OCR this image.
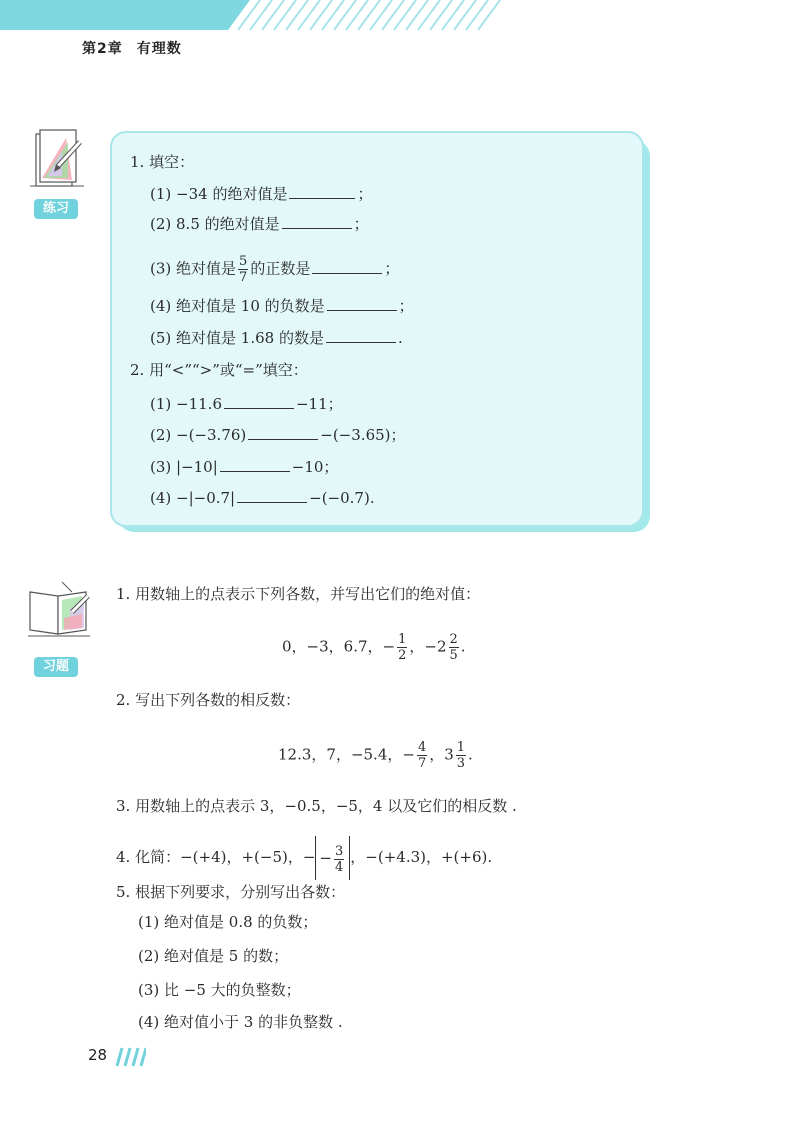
第2章 有理数
练习
1. 填空：
(1) −34 的绝对值是	；
(2) 8.5 的绝对值是	；
(3) 绝对值是 $\frac{5}{7}$ 的正数是	；
(4) 绝对值是 10 的负数是	；
(5) 绝对值是 1.68 的数是	.
2. 用“<”“>”或“=”填空：
(1) −11.6	−11；
(2) −(−3.76)	−(−3.65)；
(3) |−10|	−10；
(4) −|−0.7|	−(−0.7).
习题
1. 用数轴上的点表示下列各数，并写出它们的绝对值：
0，−3，6.7，− $\frac{1}{2}$ ，$-2 \frac{2}{5}$ .
2. 写出下列各数的相反数：
12.3，7，−5.4，− $\frac{4}{7}$ ，$3 \frac{1}{3}$ .
3. 用数轴上的点表示 3，−0.5，−5，4 以及它们的相反数 .
4. 化简：−(+4)，+(−5)，− − $\frac{3}{4}$ ，−(+4.3)，+(+6).
5. 根据下列要求，分别写出各数：
(1) 绝对值是 0.8 的负数；
(2) 绝对值是 5 的数；
(3) 比 −5 大的负整数；
(4) 绝对值小于 3 的非负整数 .
28
